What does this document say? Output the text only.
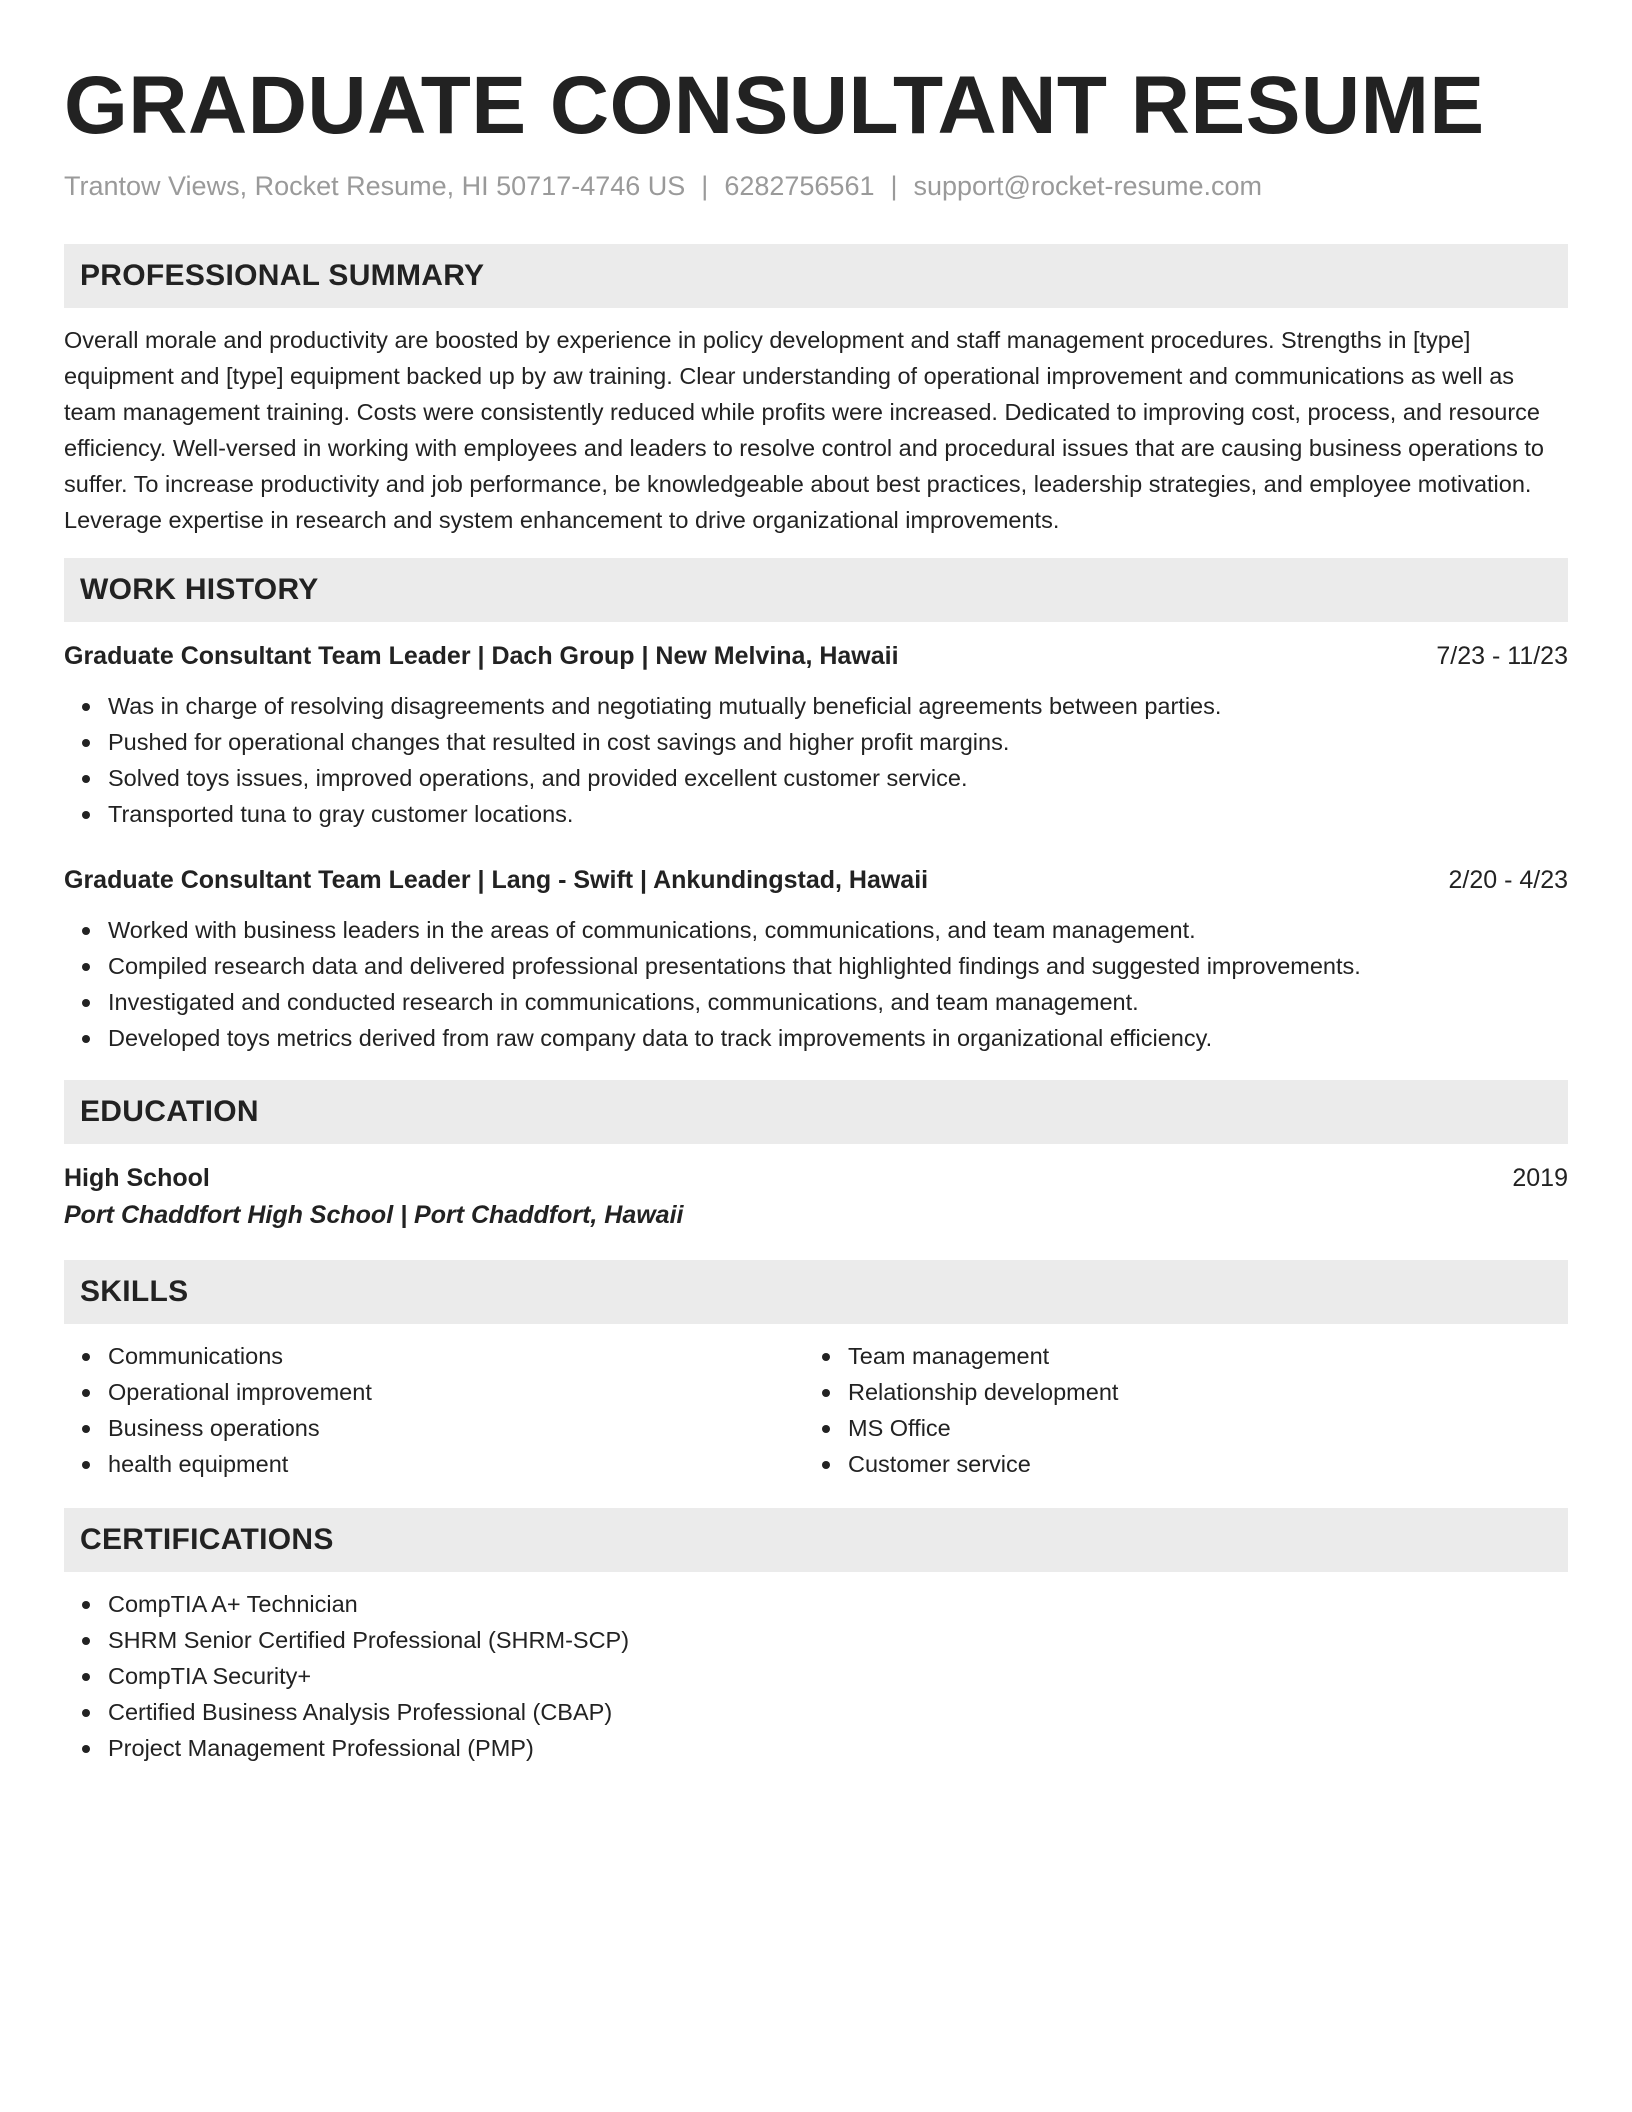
GRADUATE CONSULTANT RESUME
Trantow Views, Rocket Resume, HI 50717-4746 US | 6282756561 | support@rocket-resume.com
PROFESSIONAL SUMMARY

Overall morale and productivity are boosted by experience in policy development and staff management procedures. Strengths in [type] equipment and [type] equipment backed up by aw training. Clear understanding of operational improvement and communications as well as team management training. Costs were consistently reduced while profits were increased. Dedicated to improving cost, process, and resource efficiency. Well-versed in working with employees and leaders to resolve control and procedural issues that are causing business operations to suffer. To increase productivity and job performance, be knowledgeable about best practices, leadership strategies, and employee motivation. Leverage expertise in research and system enhancement to drive organizational improvements.

WORK HISTORY
Graduate Consultant Team Leader | Dach Group | New Melvina, Hawaii	7/23 - 11/23
Was in charge of resolving disagreements and negotiating mutually beneficial agreements between parties.
Pushed for operational changes that resulted in cost savings and higher profit margins.
Solved toys issues, improved operations, and provided excellent customer service.
Transported tuna to gray customer locations.
Graduate Consultant Team Leader | Lang - Swift | Ankundingstad, Hawaii	2/20 - 4/23
Worked with business leaders in the areas of communications, communications, and team management.
Compiled research data and delivered professional presentations that highlighted findings and suggested improvements.
Investigated and conducted research in communications, communications, and team management.
Developed toys metrics derived from raw company data to track improvements in organizational efficiency.
EDUCATION
High School	2019
Port Chaddfort High School | Port Chaddfort, Hawaii
SKILLS
Communications
Operational improvement
Business operations
health equipment
Team management
Relationship development
MS Office
Customer service
CERTIFICATIONS
CompTIA A+ Technician
SHRM Senior Certified Professional (SHRM-SCP)
CompTIA Security+
Certified Business Analysis Professional (CBAP)
Project Management Professional (PMP)
